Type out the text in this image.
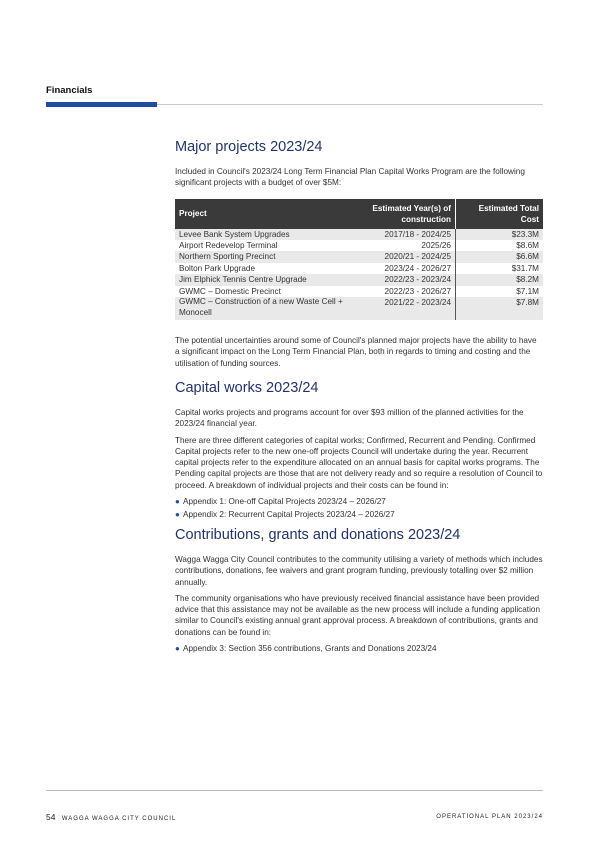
Financials
Major projects 2023/24

Included in Council's 2023/24 Long Term Financial Plan Capital Works Program are the following significant projects with a budget of over $5M:

Project	Estimated Year(s) of construction	Estimated Total Cost
Levee Bank System Upgrades	2017/18 - 2024/25	$23.3M
Airport Redevelop Terminal	2025/26	$8.6M
Northern Sporting Precinct	2020/21 - 2024/25	$6.6M
Bolton Park Upgrade	2023/24 - 2026/27	$31.7M
Jim Elphick Tennis Centre Upgrade	2022/23 - 2023/24	$8.2M
GWMC – Domestic Precinct	2022/23 - 2026/27	$7.1M
GWMC – Construction of a new Waste Cell + Monocell	2021/22 - 2023/24	$7.8M

The potential uncertainties around some of Council's planned major projects have the ability to have a significant impact on the Long Term Financial Plan, both in regards to timing and costing and the utilisation of funding sources.

Capital works 2023/24

Capital works projects and programs account for over $93 million of the planned activities for the 2023/24 financial year.

There are three different categories of capital works; Confirmed, Recurrent and Pending. Confirmed Capital projects refer to the new one-off projects Council will undertake during the year. Recurrent capital projects refer to the expenditure allocated on an annual basis for capital works programs. The Pending capital projects are those that are not delivery ready and so require a resolution of Council to proceed. A breakdown of individual projects and their costs can be found in:

● Appendix 1: One-off Capital Projects 2023/24 – 2026/27
● Appendix 2: Recurrent Capital Projects 2023/24 – 2026/27
Contributions, grants and donations 2023/24

Wagga Wagga City Council contributes to the community utilising a variety of methods which includes contributions, donations, fee waivers and grant program funding, previously totalling over $2 million annually.

The community organisations who have previously received financial assistance have been provided advice that this assistance may not be available as the new process will include a funding application similar to Council's existing annual grant approval process. A breakdown of contributions, grants and donations can be found in:

● Appendix 3: Section 356 contributions, Grants and Donations 2023/24
54 WAGGA WAGGA CITY COUNCIL	OPERATIONAL PLAN 2023/24
